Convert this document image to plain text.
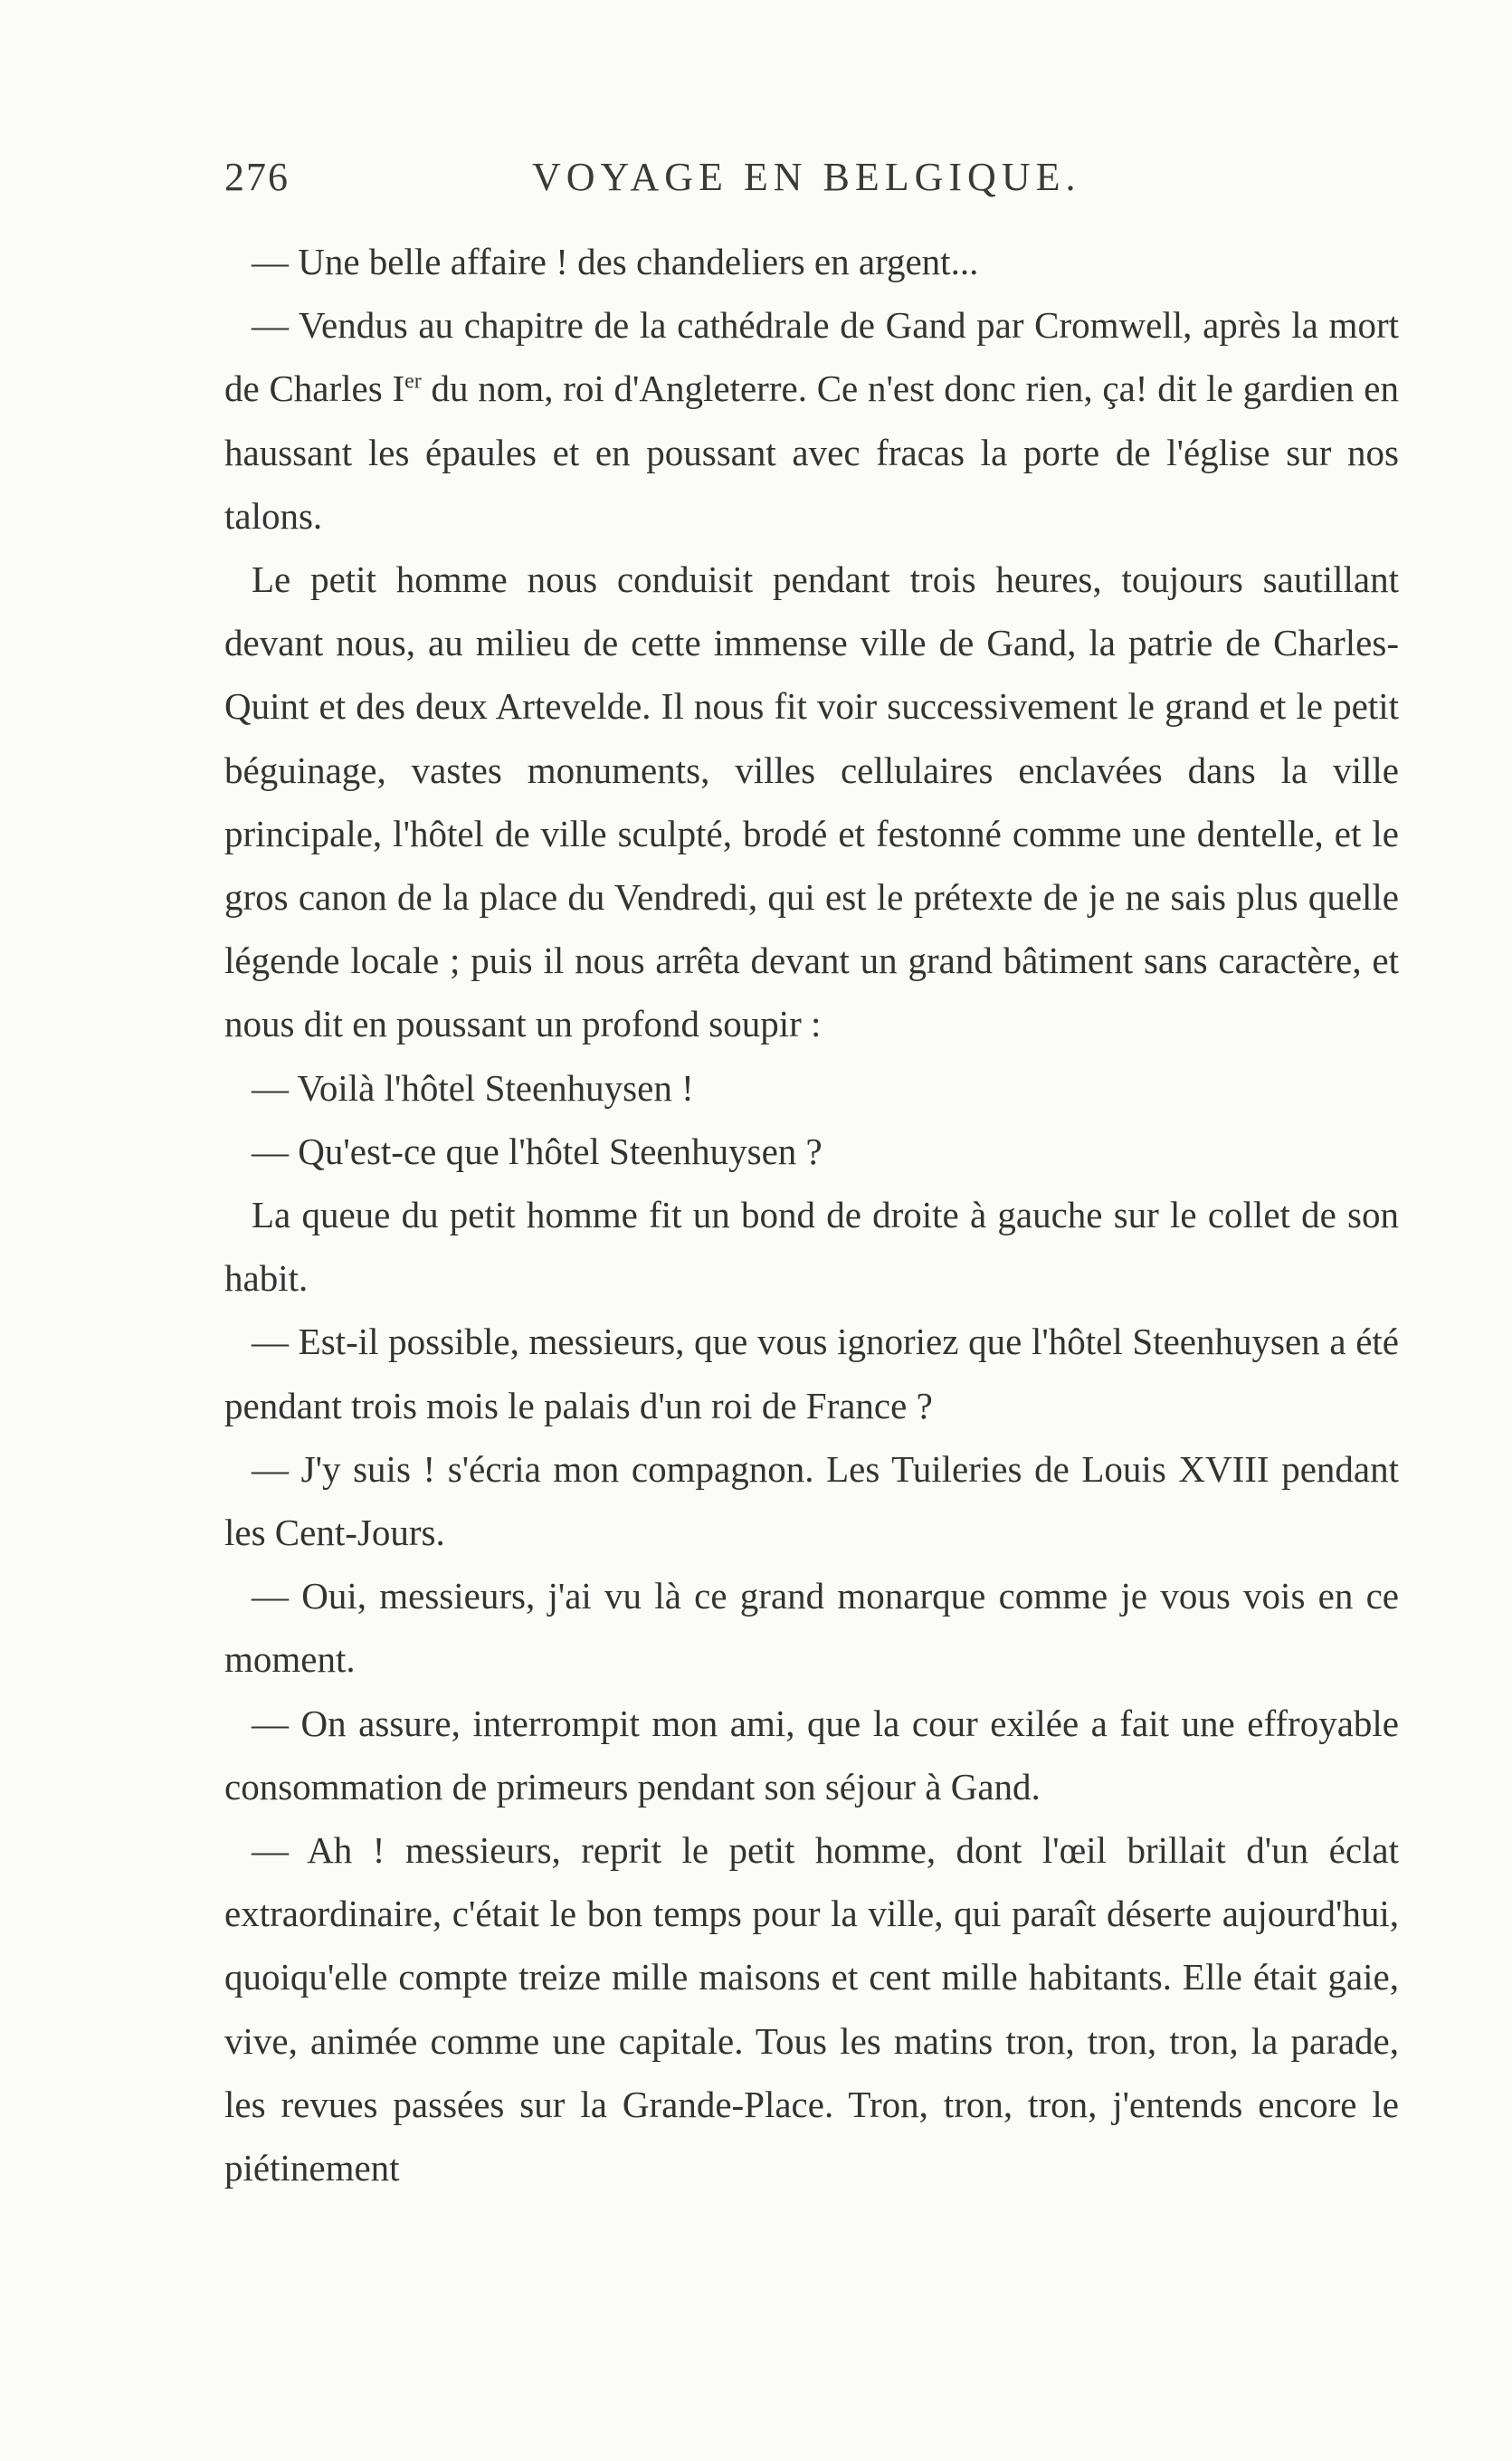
276	VOYAGE EN BELGIQUE.

— Une belle affaire ! des chandeliers en argent...

— Vendus au chapitre de la cathédrale de Gand par Cromwell, après la mort de Charles Ier du nom, roi d'Angleterre. Ce n'est donc rien, ça! dit le gardien en haussant les épaules et en poussant avec fracas la porte de l'église sur nos talons.

Le petit homme nous conduisit pendant trois heures, toujours sautillant devant nous, au milieu de cette immense ville de Gand, la patrie de Charles-Quint et des deux Artevelde. Il nous fit voir successivement le grand et le petit béguinage, vastes monuments, villes cellulaires enclavées dans la ville principale, l'hôtel de ville sculpté, brodé et festonné comme une dentelle, et le gros canon de la place du Vendredi, qui est le prétexte de je ne sais plus quelle légende locale ; puis il nous arrêta devant un grand bâtiment sans caractère, et nous dit en poussant un profond soupir :

— Voilà l'hôtel Steenhuysen !

— Qu'est-ce que l'hôtel Steenhuysen ?

La queue du petit homme fit un bond de droite à gauche sur le collet de son habit.

— Est-il possible, messieurs, que vous ignoriez que l'hôtel Steenhuysen a été pendant trois mois le palais d'un roi de France ?

— J'y suis ! s'écria mon compagnon. Les Tuileries de Louis XVIII pendant les Cent-Jours.

— Oui, messieurs, j'ai vu là ce grand monarque comme je vous vois en ce moment.

— On assure, interrompit mon ami, que la cour exilée a fait une effroyable consommation de primeurs pendant son séjour à Gand.

— Ah ! messieurs, reprit le petit homme, dont l'œil brillait d'un éclat extraordinaire, c'était le bon temps pour la ville, qui paraît déserte aujourd'hui, quoiqu'elle compte treize mille maisons et cent mille habitants. Elle était gaie, vive, animée comme une capitale. Tous les matins tron, tron, tron, la parade, les revues passées sur la Grande-Place. Tron, tron, tron, j'entends encore le piétinement
